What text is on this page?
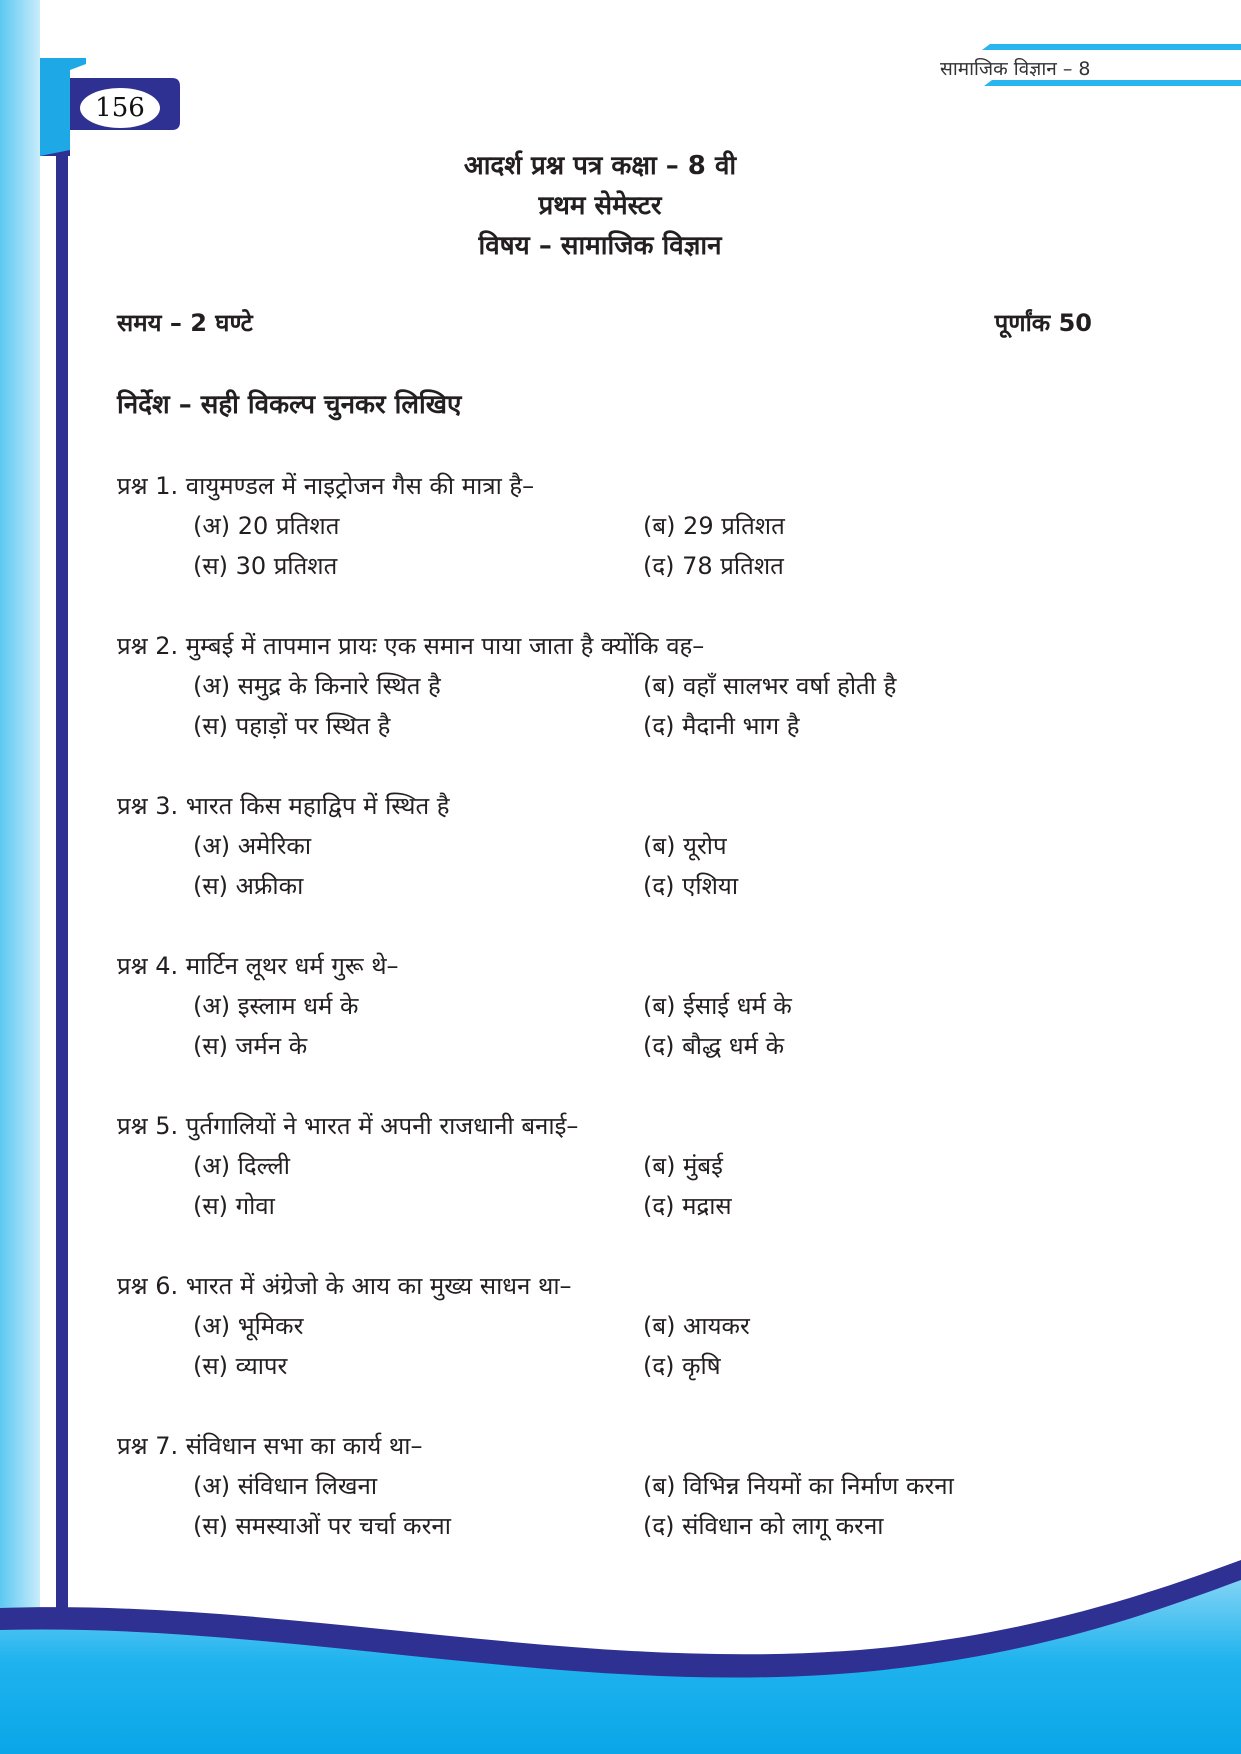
156
सामाजिक विज्ञान – 8
आदर्श प्रश्न पत्र कक्षा – 8 वी
प्रथम सेमेस्टर
विषय – सामाजिक विज्ञान
समय – 2 घण्टे	पूर्णांक 50
निर्देश – सही विकल्प चुनकर लिखिए
प्रश्न 1. वायुमण्डल में नाइट्रोजन गैस की मात्रा है–
(अ) 20 प्रतिशत	(ब) 29 प्रतिशत
(स) 30 प्रतिशत	(द) 78 प्रतिशत
प्रश्न 2. मुम्बई में तापमान प्रायः एक समान पाया जाता है क्योंकि वह–
(अ) समुद्र के किनारे स्थित है	(ब) वहाँ सालभर वर्षा होती है
(स) पहाड़ों पर स्थित है	(द) मैदानी भाग है
प्रश्न 3. भारत किस महाद्विप में स्थित है
(अ) अमेरिका	(ब) यूरोप
(स) अफ्रीका	(द) एशिया
प्रश्न 4. मार्टिन लूथर धर्म गुरू थे–
(अ) इस्लाम धर्म के	(ब) ईसाई धर्म के
(स) जर्मन के	(द) बौद्ध धर्म के
प्रश्न 5. पुर्तगालियों ने भारत में अपनी राजधानी बनाई–
(अ) दिल्ली	(ब) मुंबई
(स) गोवा	(द) मद्रास
प्रश्न 6. भारत में अंग्रेजो के आय का मुख्य साधन था–
(अ) भूमिकर	(ब) आयकर
(स) व्यापर	(द) कृषि
प्रश्न 7. संविधान सभा का कार्य था–
(अ) संविधान लिखना	(ब) विभिन्न नियमों का निर्माण करना
(स) समस्याओं पर चर्चा करना	(द) संविधान को लागू करना
